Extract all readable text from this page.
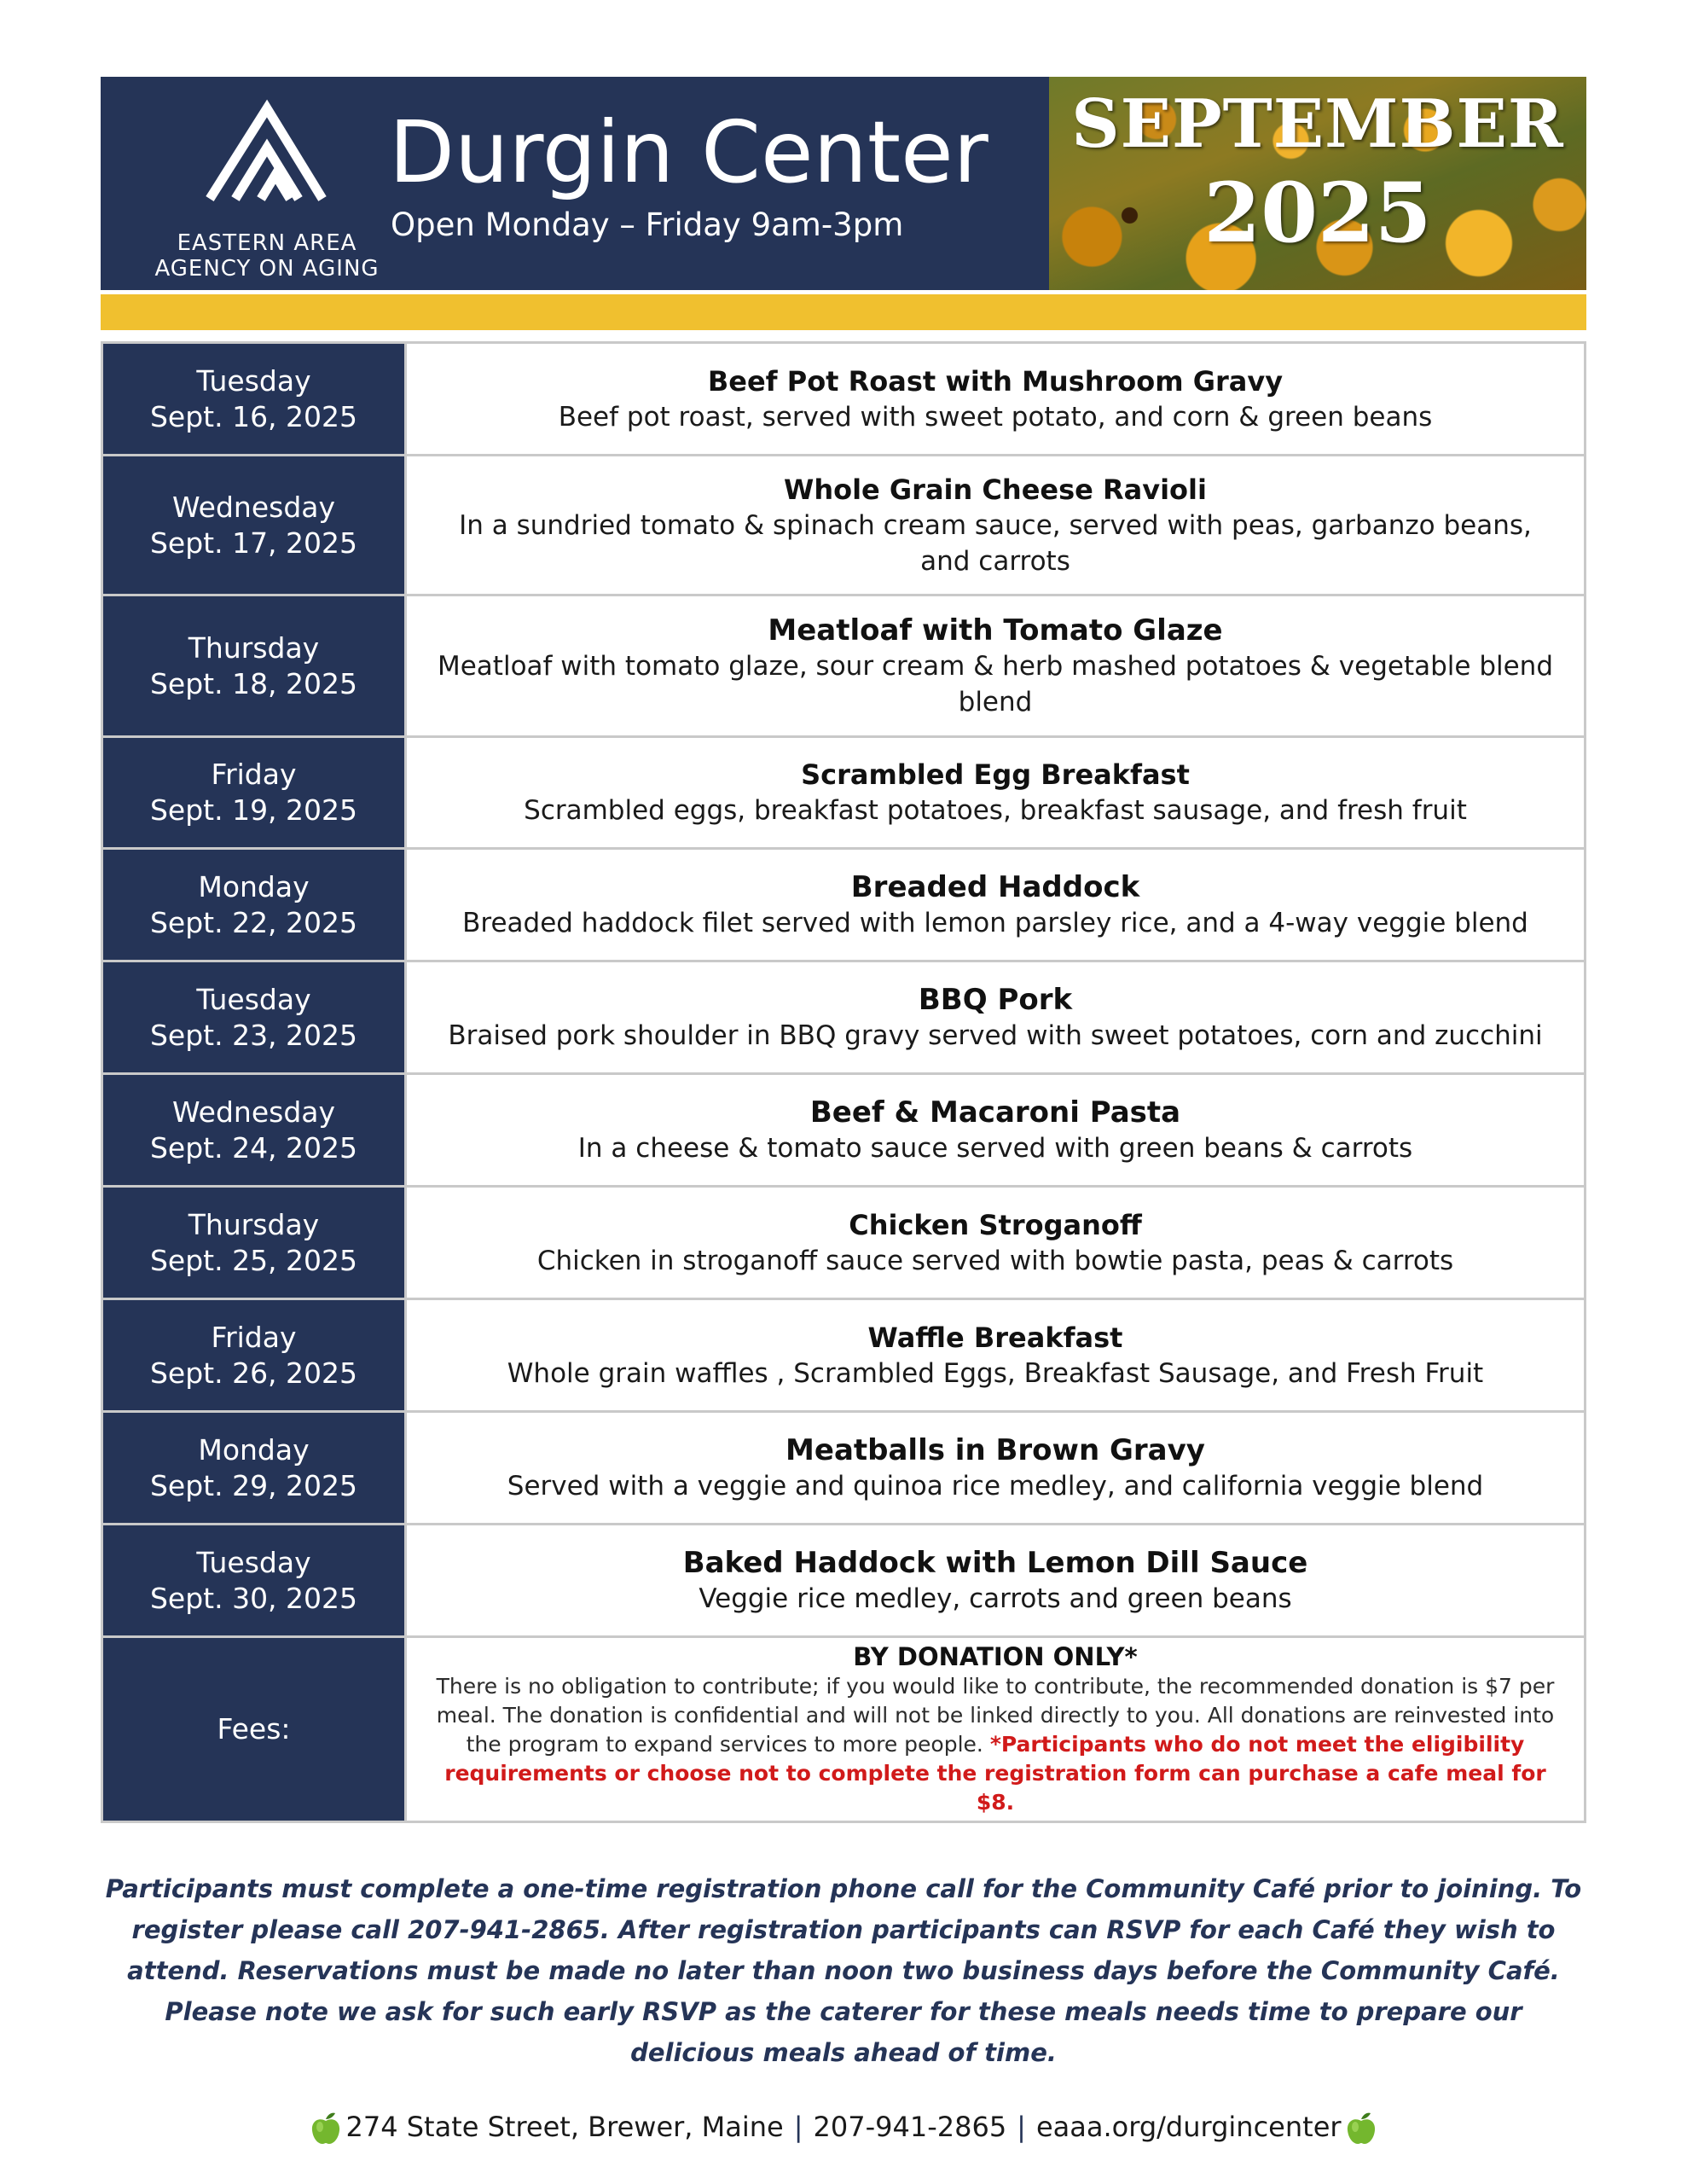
EASTERN AREA
AGENCY ON AGING
Durgin Center
Open Monday – Friday 9am-3pm
SEPTEMBER
2025
Tuesday
Sept. 16, 2025
Beef Pot Roast with Mushroom Gravy
Beef pot roast, served with sweet potato, and corn & green beans
Wednesday
Sept. 17, 2025
Whole Grain Cheese Ravioli
In a sundried tomato & spinach cream sauce, served with peas, garbanzo beans, and carrots
Thursday
Sept. 18, 2025
Meatloaf with Tomato Glaze
Meatloaf with tomato glaze, sour cream & herb mashed potatoes & vegetable blend blend
Friday
Sept. 19, 2025
Scrambled Egg Breakfast
Scrambled eggs, breakfast potatoes, breakfast sausage, and fresh fruit
Monday
Sept. 22, 2025
Breaded Haddock
Breaded haddock filet served with lemon parsley rice, and a 4-way veggie blend
Tuesday
Sept. 23, 2025
BBQ Pork
Braised pork shoulder in BBQ gravy served with sweet potatoes, corn and zucchini
Wednesday
Sept. 24, 2025
Beef & Macaroni Pasta
In a cheese & tomato sauce served with green beans & carrots
Thursday
Sept. 25, 2025
Chicken Stroganoff
Chicken in stroganoff sauce served with bowtie pasta, peas & carrots
Friday
Sept. 26, 2025
Waffle Breakfast
Whole grain waffles , Scrambled Eggs, Breakfast Sausage, and Fresh Fruit
Monday
Sept. 29, 2025
Meatballs in Brown Gravy
Served with a veggie and quinoa rice medley, and california veggie blend
Tuesday
Sept. 30, 2025
Baked Haddock with Lemon Dill Sauce
Veggie rice medley, carrots and green beans
Fees:
BY DONATION ONLY*
There is no obligation to contribute; if you would like to contribute, the recommended donation is $7 per meal. The donation is confidential and will not be linked directly to you. All donations are reinvested into the program to expand services to more people. *Participants who do not meet the eligibility requirements or choose not to complete the registration form can purchase a cafe meal for $8.
Participants must complete a one-time registration phone call for the Community Café prior to joining. To register please call 207-941-2865. After registration participants can RSVP for each Café they wish to attend. Reservations must be made no later than noon two business days before the Community Café. Please note we ask for such early RSVP as the caterer for these meals needs time to prepare our delicious meals ahead of time.
274 State Street, Brewer, Maine | 207-941-2865 | eaaa.org/durgincenter
